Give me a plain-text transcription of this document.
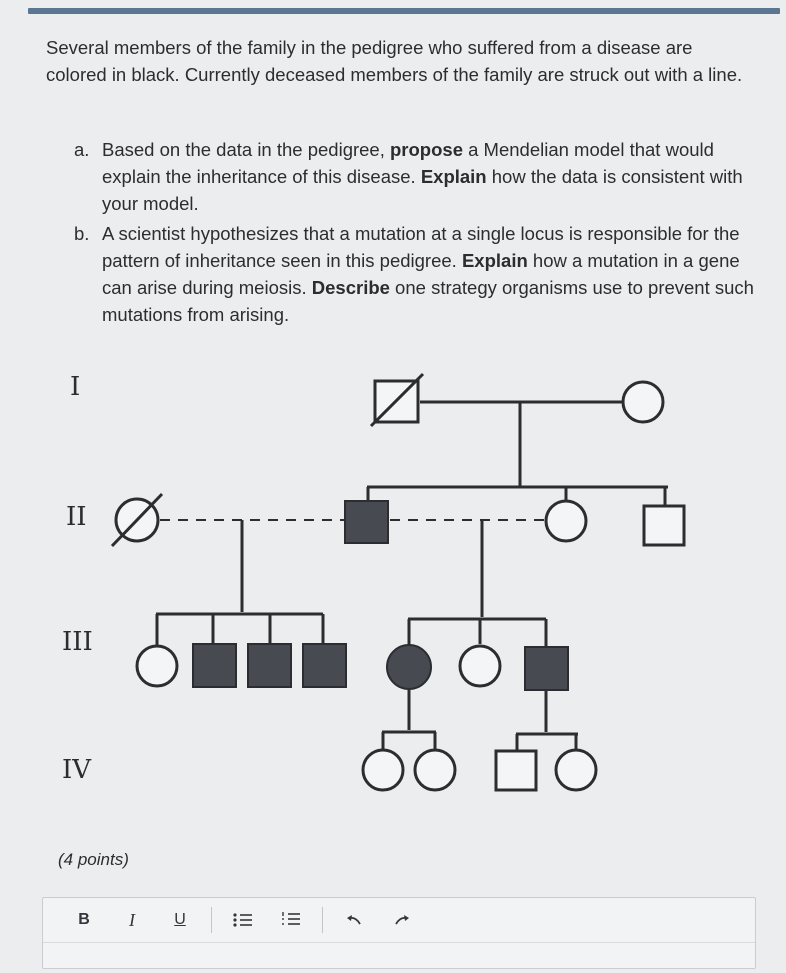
Several members of the family in the pedigree who suffered from a disease are colored in black. Currently deceased members of the family are struck out with a line.

a. Based on the data in the pedigree, propose a Mendelian model that would explain the inheritance of this disease. Explain how the data is consistent with your model.
b. A scientist hypothesizes that a mutation at a single locus is responsible for the pattern of inheritance seen in this pedigree. Explain how a mutation in a gene can arise during meiosis. Describe one strategy organisms use to prevent such mutations from arising.
I
II
III
IV
(4 points)
B	I	U
